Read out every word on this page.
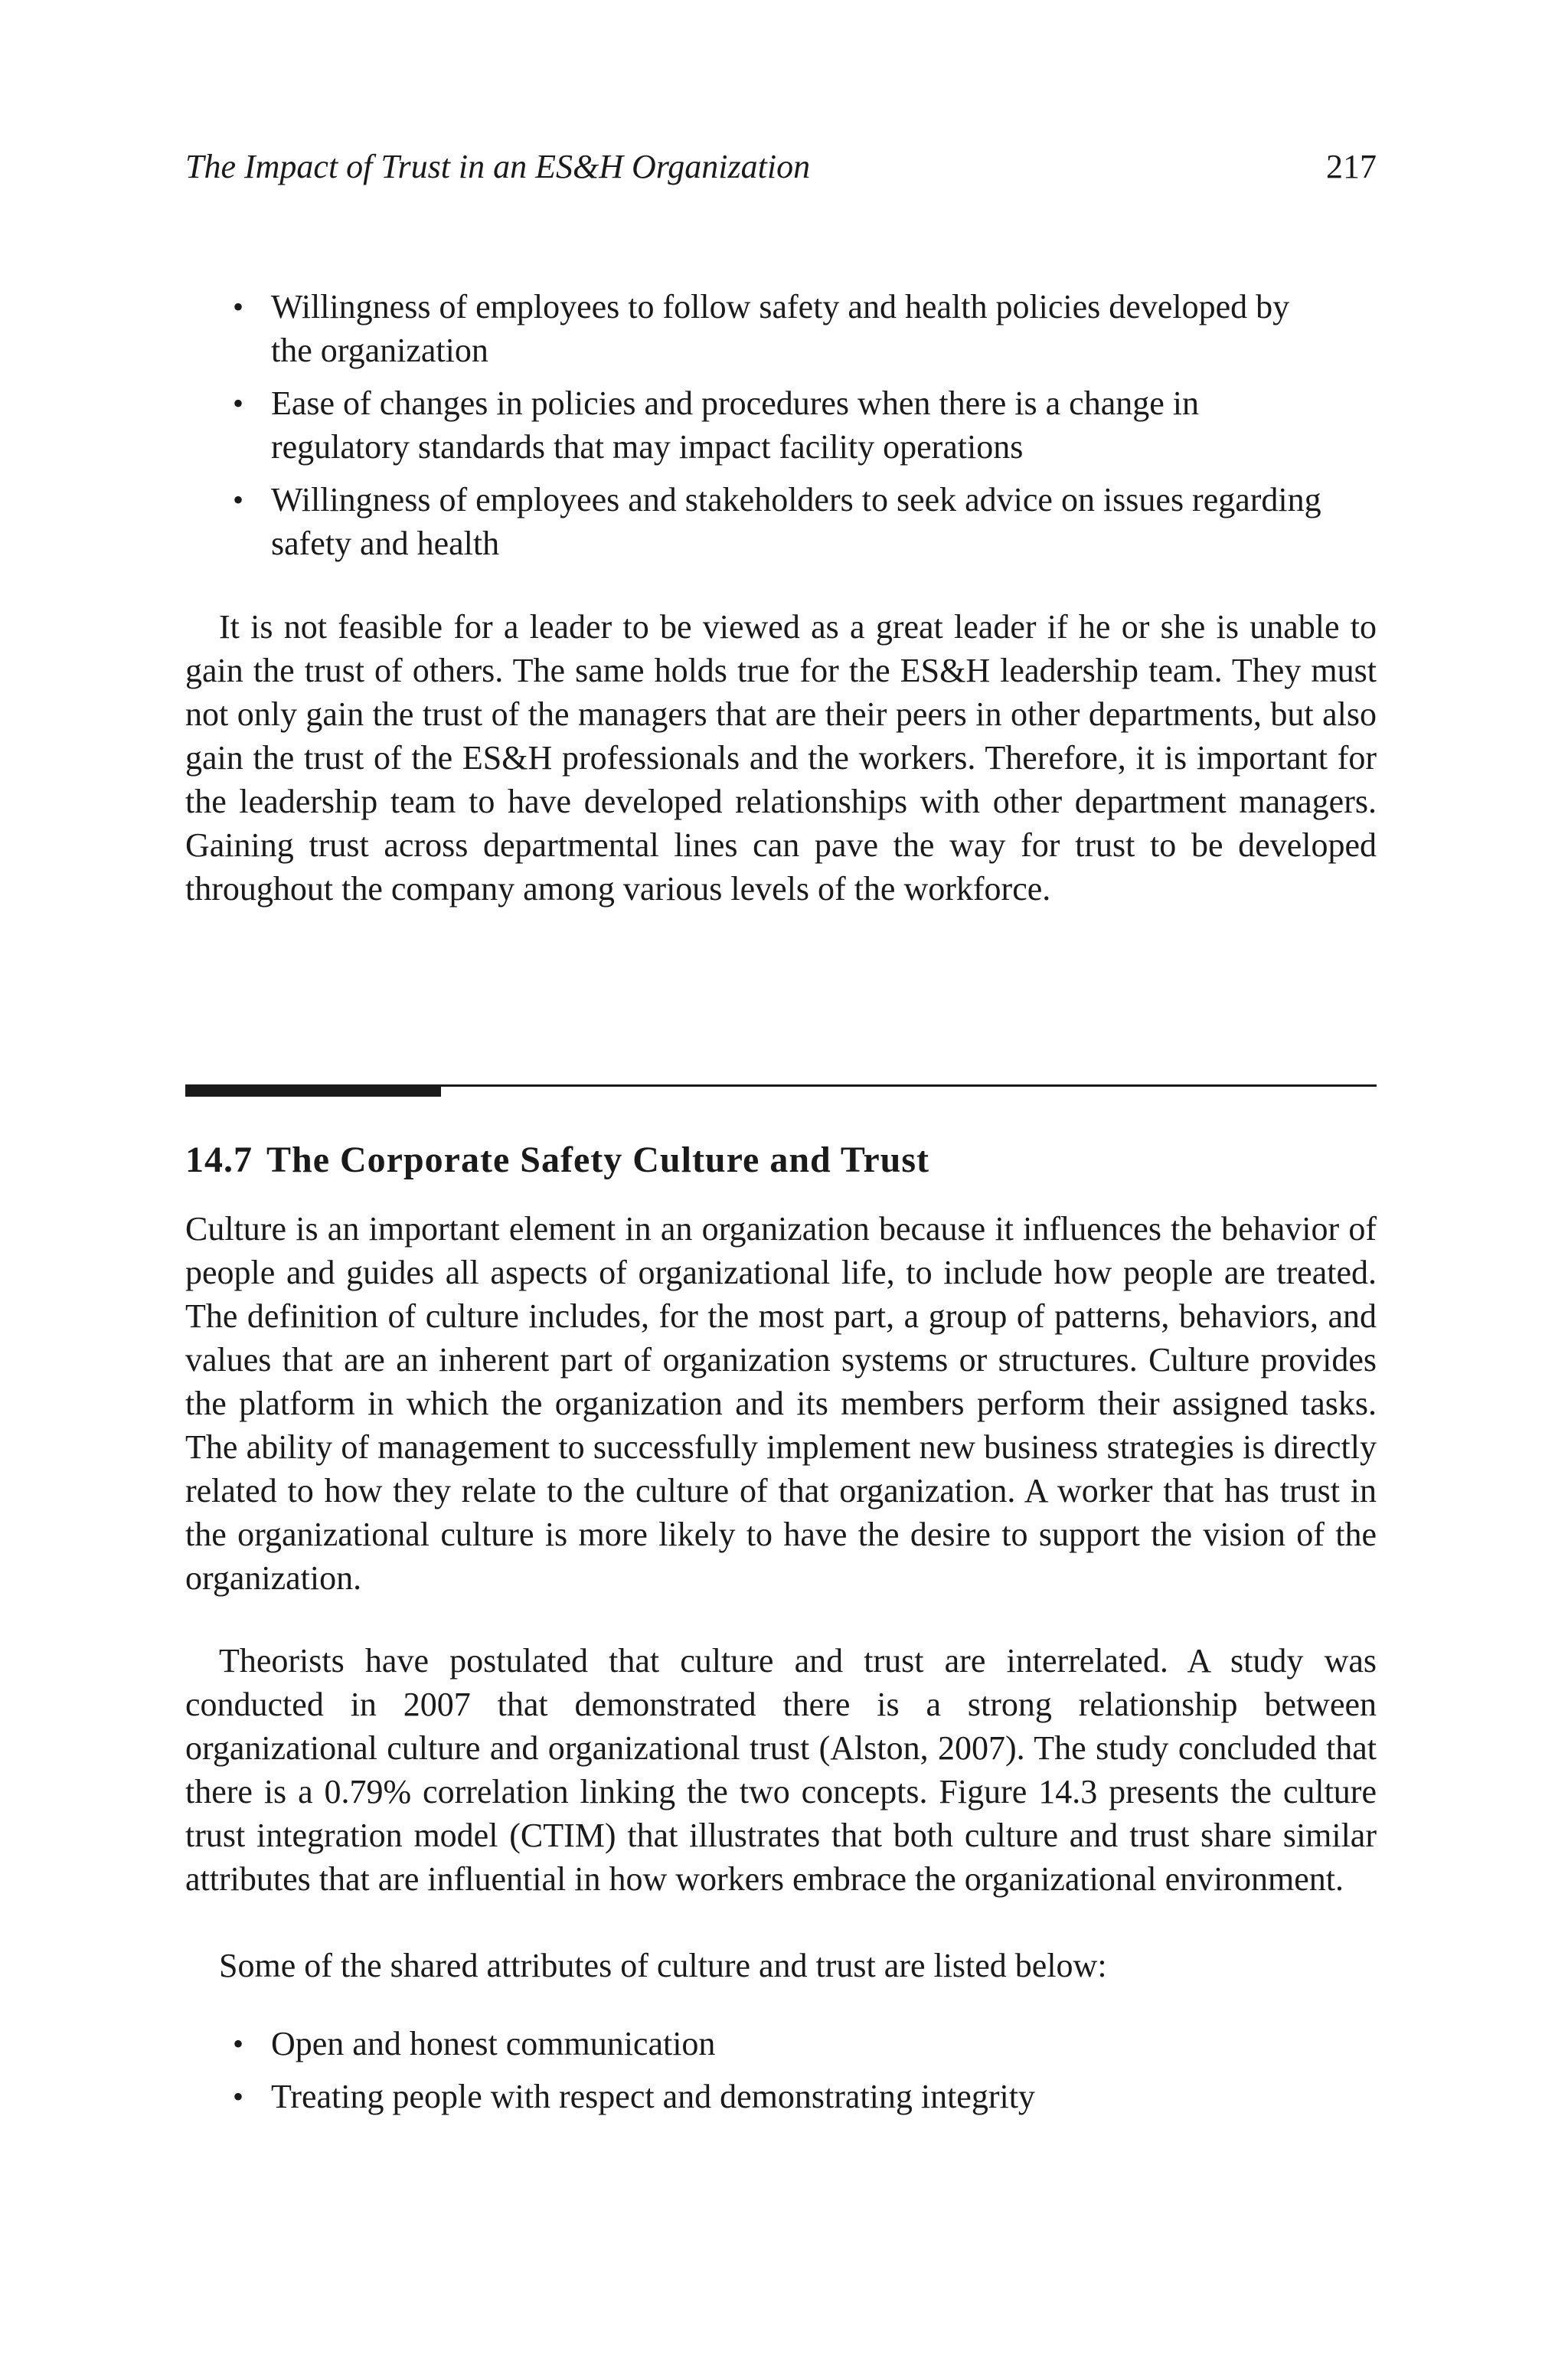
The Impact of Trust in an ES&H Organization	217
• Willingness of employees to follow safety and health policies developed by the organization
• Ease of changes in policies and procedures when there is a change in regulatory standards that may impact facility operations
• Willingness of employees and stakeholders to seek advice on issues regarding safety and health

It is not feasible for a leader to be viewed as a great leader if he or she is unable to gain the trust of others. The same holds true for the ES&H leadership team. They must not only gain the trust of the managers that are their peers in other departments, but also gain the trust of the ES&H professionals and the workers. Therefore, it is important for the leadership team to have developed relationships with other department managers. Gaining trust across departmental lines can pave the way for trust to be developed throughout the company among various levels of the workforce.

14.7 The Corporate Safety Culture and Trust

Culture is an important element in an organization because it influences the behavior of people and guides all aspects of organizational life, to include how people are treated. The definition of culture includes, for the most part, a group of patterns, behaviors, and values that are an inherent part of organization systems or structures. Culture provides the platform in which the organization and its members perform their assigned tasks. The ability of management to successfully implement new business strategies is directly related to how they relate to the culture of that organization. A worker that has trust in the organizational culture is more likely to have the desire to support the vision of the organization.

Theorists have postulated that culture and trust are interrelated. A study was conducted in 2007 that demonstrated there is a strong relationship between organizational culture and organizational trust (Alston, 2007). The study concluded that there is a 0.79% correlation linking the two concepts. Figure 14.3 presents the culture trust integration model (CTIM) that illustrates that both culture and trust share similar attributes that are influential in how workers embrace the organizational environment.

Some of the shared attributes of culture and trust are listed below:

• Open and honest communication
• Treating people with respect and demonstrating integrity
